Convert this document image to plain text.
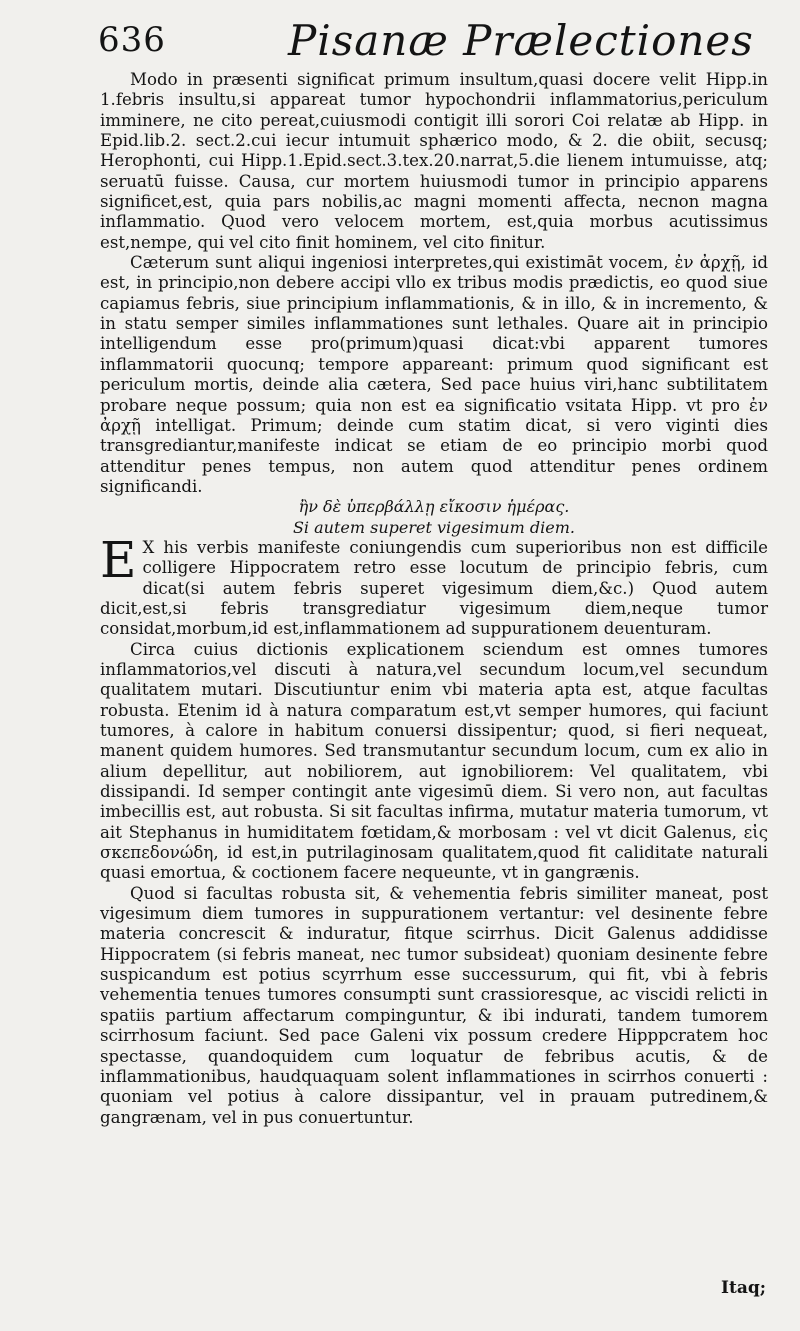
636	Pisanæ Prælectiones

Modo in præsenti significat primum insultum,quasi docere velit Hipp.in 1.febris insultu,si appareat tumor hypochondrii inflammatorius,periculum imminere, ne cito pereat,cuiusmodi contigit illi sorori Coi relatæ ab Hipp. in Epid.lib.2. sect.2.cui iecur intumuit sphærico modo, & 2. die obiit, secusq; Herophonti, cui Hipp.1.Epid.sect.3.tex.20.narrat,5.die lienem intumuisse, atq; seruatū fuisse. Causa, cur mortem huiusmodi tumor in principio apparens significet,est, quia pars nobilis,ac magni momenti affecta, necnon magna inflammatio. Quod vero velocem mortem, est,quia morbus acutissimus est,nempe, qui vel cito finit hominem, vel cito finitur.

Cæterum sunt aliqui ingeniosi interpretes,qui existimāt vocem, ἐν ἀρχῇ, id est, in principio,non debere accipi vllo ex tribus modis prædictis, eo quod siue capiamus febris, siue principium inflammationis, & in illo, & in incremento, & in statu semper similes inflammationes sunt lethales. Quare ait in principio intelligendum esse pro(primum)quasi dicat:vbi apparent tumores inflammatorii quocunq; tempore appareant: primum quod significant est periculum mortis, deinde alia cætera, Sed pace huius viri,hanc subtilitatem probare neque possum; quia non est ea significatio vsitata Hipp. vt pro ἐν ἀρχῇ intelligat. Primum; deinde cum statim dicat, si vero viginti dies transgrediantur,manifeste indicat se etiam de eo principio morbi quod attenditur penes tempus, non autem quod attenditur penes ordinem significandi.

ἢν δὲ ὑπερβάλλῃ εἴκοσιν ἡμέρας.

Si autem superet vigesimum diem.

E X his verbis manifeste coniungendis cum superioribus non est difficile colligere Hippocratem retro esse locutum de principio febris, cum dicat(si autem febris superet vigesimum diem,&c.) Quod autem dicit,est,si febris transgrediatur vigesimum diem,neque tumor considat,morbum,id est,inflammationem ad suppurationem deuenturam.

Circa cuius dictionis explicationem sciendum est omnes tumores inflammatorios,vel discuti à natura,vel secundum locum,vel secundum qualitatem mutari. Discutiuntur enim vbi materia apta est, atque facultas robusta. Etenim id à natura comparatum est,vt semper humores, qui faciunt tumores, à calore in habitum conuersi dissipentur; quod, si fieri nequeat, manent quidem humores. Sed transmutantur secundum locum, cum ex alio in alium depellitur, aut nobiliorem, aut ignobiliorem: Vel qualitatem, vbi dissipandi. Id semper contingit ante vigesimū diem. Si vero non, aut facultas imbecillis est, aut robusta. Si sit facultas infirma, mutatur materia tumorum, vt ait Stephanus in humiditatem fœtidam,& morbosam : vel vt dicit Galenus, εἰς σκεπεδονώδη, id est,in putrilaginosam qualitatem,quod fit caliditate naturali quasi emortua, & coctionem facere nequeunte, vt in gangrænis.

Quod si facultas robusta sit, & vehementia febris similiter maneat, post vigesimum diem tumores in suppurationem vertantur: vel desinente febre materia concrescit & induratur, fitque scirrhus. Dicit Galenus addidisse Hippocratem (si febris maneat, nec tumor subsideat) quoniam desinente febre suspicandum est potius scyrrhum esse successurum, qui fit, vbi à febris vehementia tenues tumores consumpti sunt crassioresque, ac viscidi relicti in spatiis partium affectarum compinguntur, & ibi indurati, tandem tumorem scirrhosum faciunt. Sed pace Galeni vix possum credere Hipppcratem hoc spectasse, quandoquidem cum loquatur de febribus acutis, & de inflammationibus, haudquaquam solent inflammationes in scirrhos conuerti : quoniam vel potius à calore dissipantur, vel in prauam putredinem,& gangrænam, vel in pus conuertuntur.

Itaq;
